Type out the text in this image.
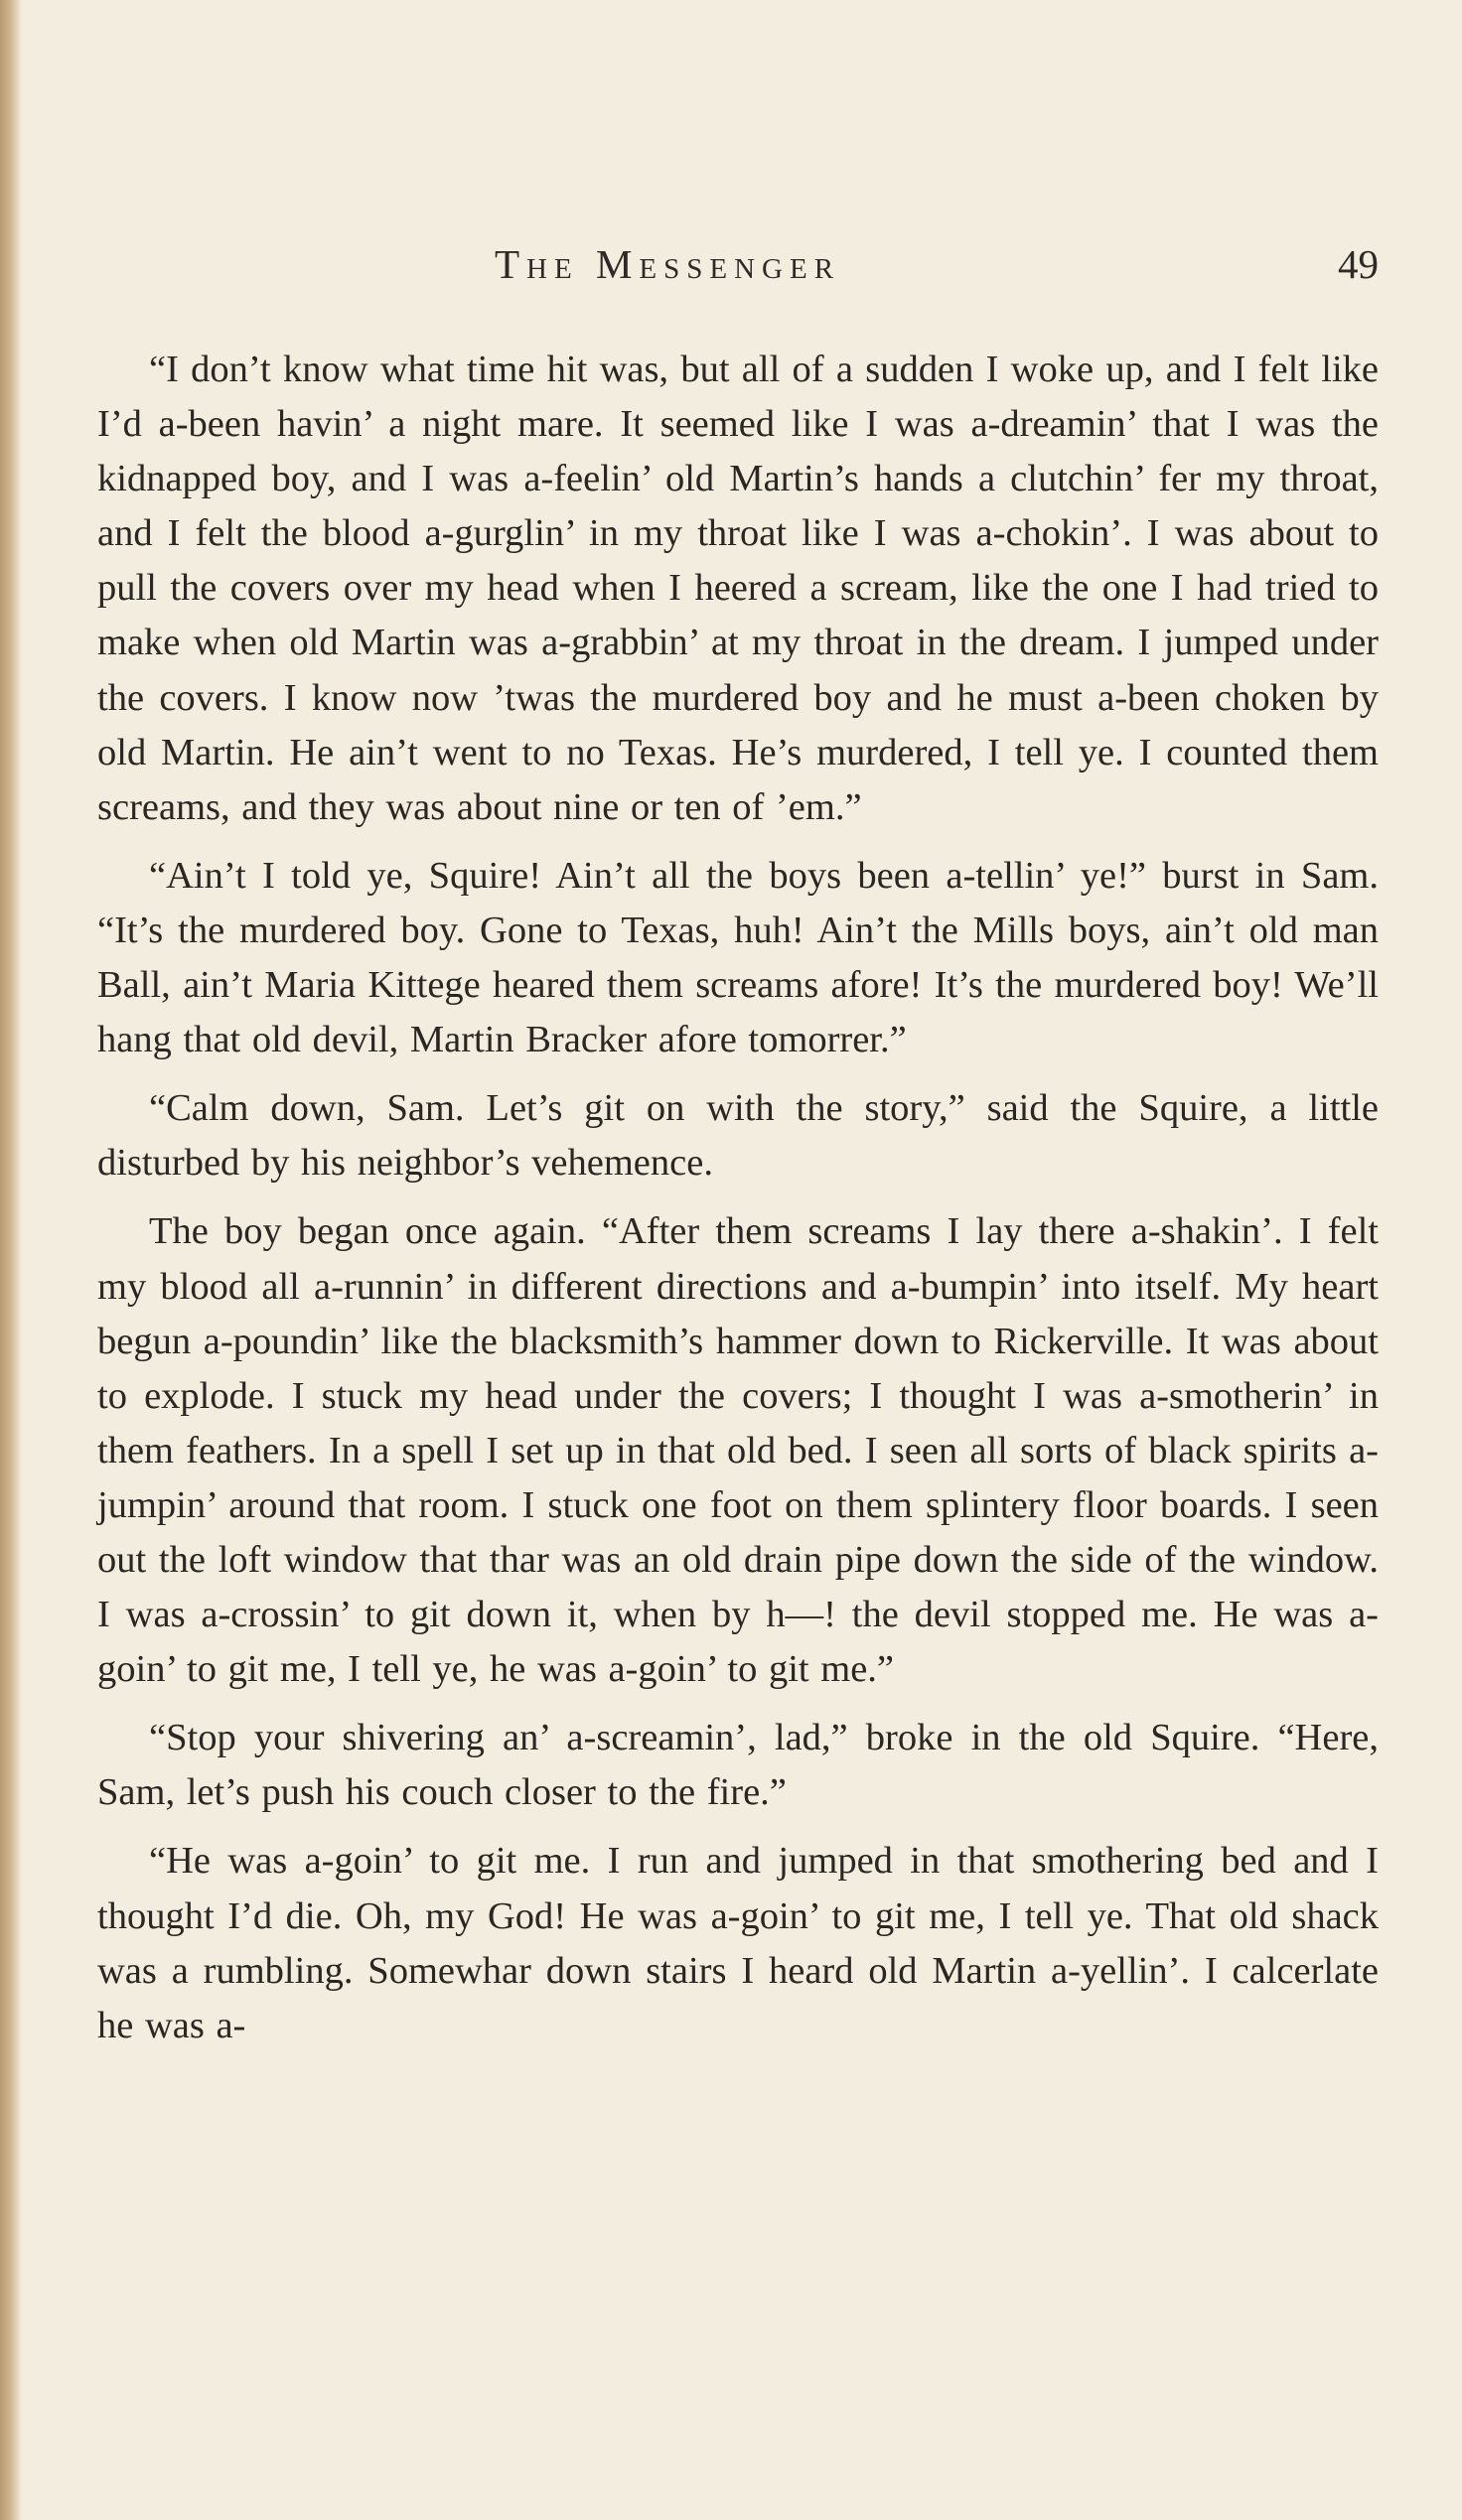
The Messenger	49

“I don’t know what time hit was, but all of a sudden I woke up, and I felt like I’d a-been havin’ a night mare. It seemed like I was a-dreamin’ that I was the kidnapped boy, and I was a-feelin’ old Martin’s hands a clutchin’ fer my throat, and I felt the blood a-gurglin’ in my throat like I was a-chokin’. I was about to pull the covers over my head when I heered a scream, like the one I had tried to make when old Martin was a-grabbin’ at my throat in the dream. I jumped under the covers. I know now ’twas the murdered boy and he must a-been choken by old Martin. He ain’t went to no Texas. He’s murdered, I tell ye. I counted them screams, and they was about nine or ten of ’em.”

“Ain’t I told ye, Squire! Ain’t all the boys been a-tellin’ ye!” burst in Sam. “It’s the murdered boy. Gone to Texas, huh! Ain’t the Mills boys, ain’t old man Ball, ain’t Maria Kittege heared them screams afore! It’s the murdered boy! We’ll hang that old devil, Martin Bracker afore tomorrer.”

“Calm down, Sam. Let’s git on with the story,” said the Squire, a little disturbed by his neighbor’s vehemence.

The boy began once again. “After them screams I lay there a-shakin’. I felt my blood all a-runnin’ in different directions and a-bumpin’ into itself. My heart begun a-poundin’ like the blacksmith’s hammer down to Rickerville. It was about to explode. I stuck my head under the covers; I thought I was a-smotherin’ in them feathers. In a spell I set up in that old bed. I seen all sorts of black spirits a-jumpin’ around that room. I stuck one foot on them splintery floor boards. I seen out the loft window that thar was an old drain pipe down the side of the window. I was a-crossin’ to git down it, when by h—! the devil stopped me. He was a-goin’ to git me, I tell ye, he was a-goin’ to git me.”

“Stop your shivering an’ a-screamin’, lad,” broke in the old Squire. “Here, Sam, let’s push his couch closer to the fire.”

“He was a-goin’ to git me. I run and jumped in that smothering bed and I thought I’d die. Oh, my God! He was a-goin’ to git me, I tell ye. That old shack was a rumbling. Somewhar down stairs I heard old Martin a-yellin’. I calcerlate he was a-
